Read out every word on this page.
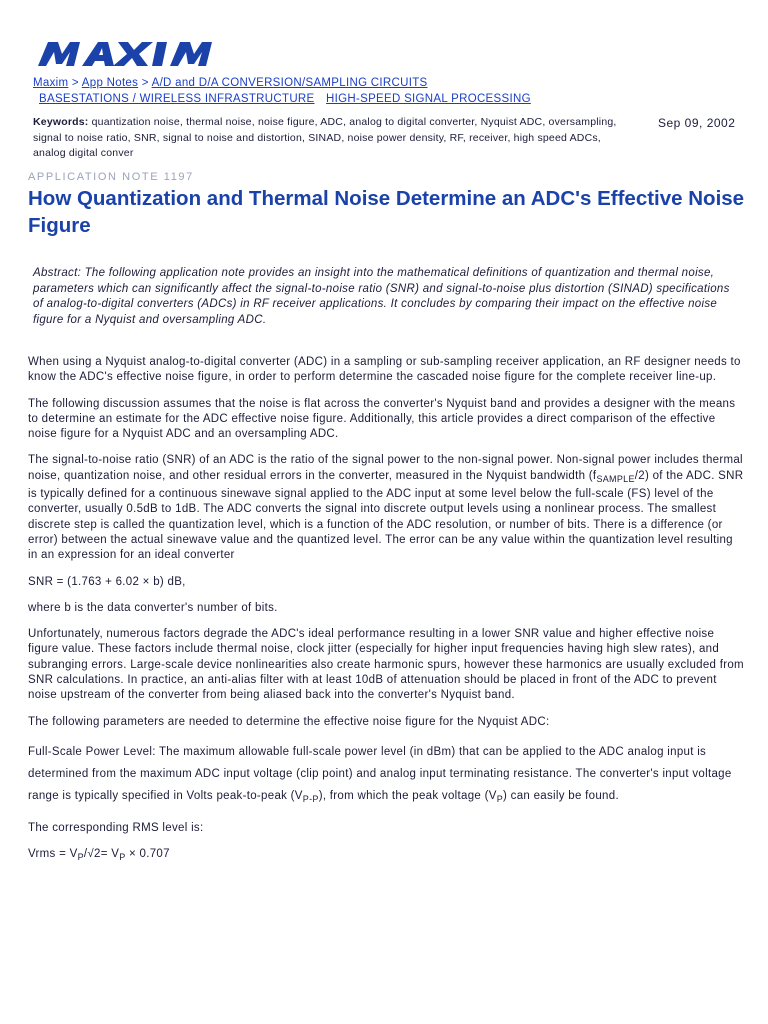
Maxim > App Notes > A/D and D/A CONVERSION/SAMPLING CIRCUITS
BASESTATIONS / WIRELESS INFRASTRUCTURE HIGH-SPEED SIGNAL PROCESSING
Keywords: quantization noise, thermal noise, noise figure, ADC, analog to digital converter, Nyquist ADC, oversampling, signal to noise ratio, SNR, signal to noise and distortion, SINAD, noise power density, RF, receiver, high speed ADCs, analog digital conver
Sep 09, 2002
APPLICATION NOTE 1197
How Quantization and Thermal Noise Determine an ADC's Effective Noise Figure
Abstract: The following application note provides an insight into the mathematical definitions of quantization and thermal noise, parameters which can significantly affect the signal-to-noise ratio (SNR) and signal-to-noise plus distortion (SINAD) specifications of analog-to-digital converters (ADCs) in RF receiver applications. It concludes by comparing their impact on the effective noise figure for a Nyquist and oversampling ADC.

When using a Nyquist analog-to-digital converter (ADC) in a sampling or sub-sampling receiver application, an RF designer needs to know the ADC's effective noise figure, in order to perform determine the cascaded noise figure for the complete receiver line-up.

The following discussion assumes that the noise is flat across the converter's Nyquist band and provides a designer with the means to determine an estimate for the ADC effective noise figure. Additionally, this article provides a direct comparison of the effective noise figure for a Nyquist ADC and an oversampling ADC.

The signal-to-noise ratio (SNR) of an ADC is the ratio of the signal power to the non-signal power. Non-signal power includes thermal noise, quantization noise, and other residual errors in the converter, measured in the Nyquist bandwidth $(f_{SAMPLE}/2)$ of the ADC. SNR is typically defined for a continuous sinewave signal applied to the ADC input at some level below the full-scale (FS) level of the converter, usually 0.5dB to 1dB. The ADC converts the signal into discrete output levels using a nonlinear process. The smallest discrete step is called the quantization level, which is a function of the ADC resolution, or number of bits. There is a difference (or error) between the actual sinewave value and the quantized level. The error can be any value within the quantization level resulting in an expression for an ideal converter

SNR = (1.763 + 6.02 × b) dB,

where b is the data converter's number of bits.

Unfortunately, numerous factors degrade the ADC's ideal performance resulting in a lower SNR value and higher effective noise figure value. These factors include thermal noise, clock jitter (especially for higher input frequencies having high slew rates), and subranging errors. Large-scale device nonlinearities also create harmonic spurs, however these harmonics are usually excluded from SNR calculations. In practice, an anti-alias filter with at least 10dB of attenuation should be placed in front of the ADC to prevent noise upstream of the converter from being aliased back into the converter's Nyquist band.

The following parameters are needed to determine the effective noise figure for the Nyquist ADC:

Full-Scale Power Level: The maximum allowable full-scale power level (in dBm) that can be applied to the ADC analog input is determined from the maximum ADC input voltage (clip point) and analog input terminating resistance. The converter's input voltage range is typically specified in Volts peak-to-peak $(V_{P-P})$, from which the peak voltage $(V_P)$ can easily be found.

The corresponding RMS level is:

Vrms = $V_P/√2= V_P \times 0.707$
